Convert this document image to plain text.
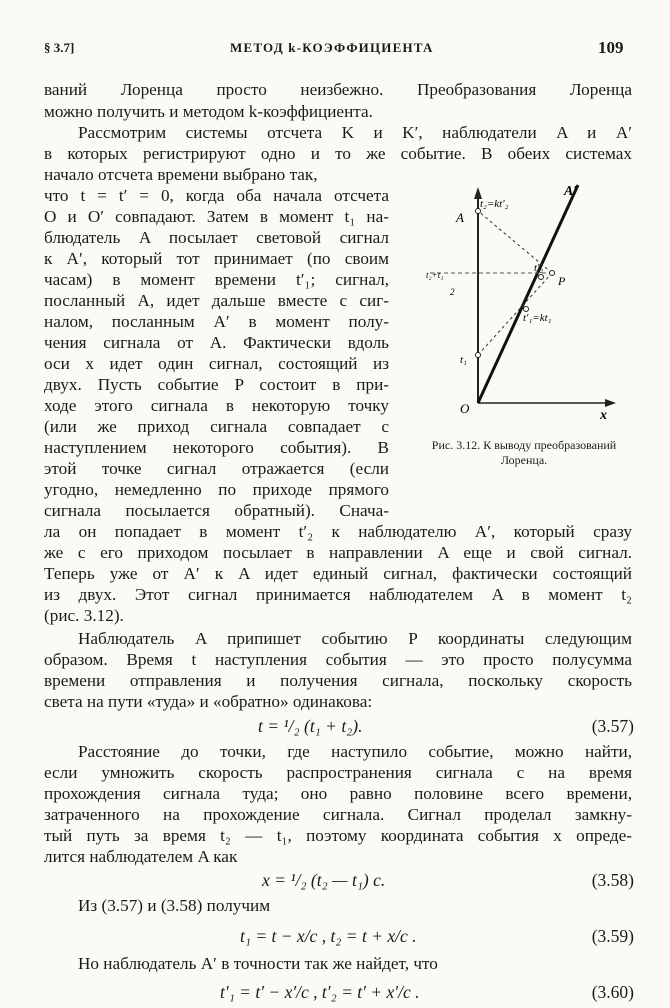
§ 3.7]	МЕТОД k-КОЭФФИЦИЕНТА	109
ваний Лоренца просто неизбежно. Преобразования Лоренца
можно получить и методом k-коэффициента.
Рассмотрим системы отсчета K и K′, наблюдатели A и A′
в которых регистрируют одно и то же событие. В обеих системах
начало отсчета времени выбрано так,
что t = t′ = 0, когда оба начала отсчета
O и O′ совпадают. Затем в момент t₁ на-
блюдатель A посылает световой сигнал
к A′, который тот принимает (по своим
часам) в момент времени t′₁; сигнал,
посланный A, идет дальше вместе с сиг-
налом, посланным A′ в момент полу-
чения сигнала от A. Фактически вдоль
оси x идет один сигнал, состоящий из
двух. Пусть событие P состоит в при-
ходе этого сигнала в некоторую точку
(или же приход сигнала совпадает с
наступлением некоторого события). В
этой точке сигнал отражается (если
угодно, немедленно по приходе прямого
сигнала посылается обратный). Снача-
ла он попадает в момент t′₂ к наблюдателю A′, который сразу
же с его приходом посылает в направлении A еще и свой сигнал.
Теперь уже от A′ к A идет единый сигнал, фактически состоящий
из двух. Этот сигнал принимается наблюдателем A в момент t₂
(рис. 3.12).
Наблюдатель A припишет событию P координаты следующим
образом. Время t наступления события — это просто полусумма
времени отправления и получения сигнала, поскольку скорость
света на пути «туда» и «обратно» одинакова:
t = ¹/₂ (t₁ + t₂).	(3.57)
Расстояние до точки, где наступило событие, можно найти,
если умножить скорость распространения сигнала c на время
прохождения сигнала туда; оно равно половине всего времени,
затраченного на прохождение сигнала. Сигнал проделал замкну-
тый путь за время t₂ — t₁, поэтому координата события x опреде-
лится наблюдателем A как
x = ¹/₂ (t₂ — t₁) c.	(3.58)
Из (3.57) и (3.58) получим
t₁ = t − x/c , t₂ = t + x/c .	(3.59)
Но наблюдатель A′ в точности так же найдет, что
t′₁ = t′ − x′/c , t′₂ = t′ + x′/c .	(3.60)
A
A′
O	x
P
t₁
t₂=kt′₂
t′₁=kt₁
t′₂
t₂+t₁
2
Рис. 3.12. К выводу преобразований Лоренца.
